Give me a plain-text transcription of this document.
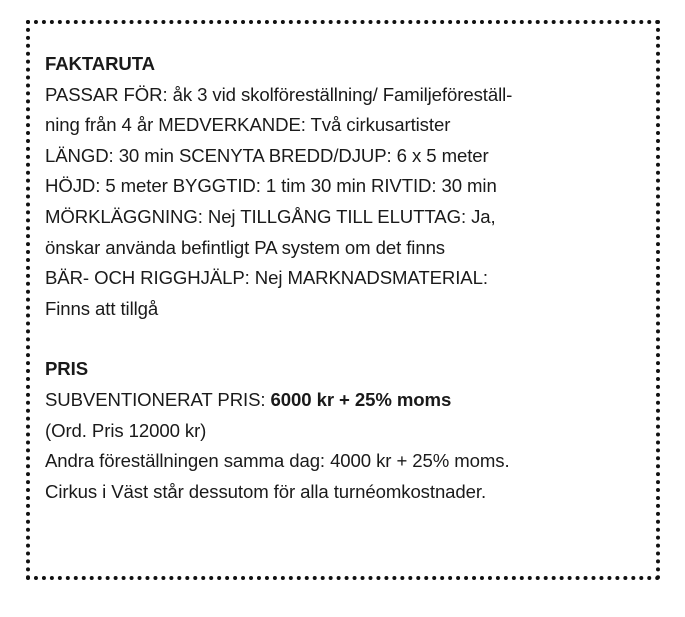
FAKTARUTA
PASSAR FÖR: åk 3 vid skolföreställning/ Familjeföreställ-
ning från 4 år MEDVERKANDE: Två cirkusartister
LÄNGD: 30 min SCENYTA BREDD/DJUP: 6 x 5 meter
HÖJD: 5 meter BYGGTID: 1 tim 30 min RIVTID: 30 min
MÖRKLÄGGNING: Nej TILLGÅNG TILL ELUTTAG: Ja,
önskar använda befintligt PA system om det finns
BÄR- OCH RIGGHJÄLP: Nej MARKNADSMATERIAL:
Finns att tillgå
PRIS
SUBVENTIONERAT PRIS: 6000 kr + 25% moms
(Ord. Pris 12000 kr)
Andra föreställningen samma dag: 4000 kr + 25% moms.
Cirkus i Väst står dessutom för alla turnéomkostnader.
